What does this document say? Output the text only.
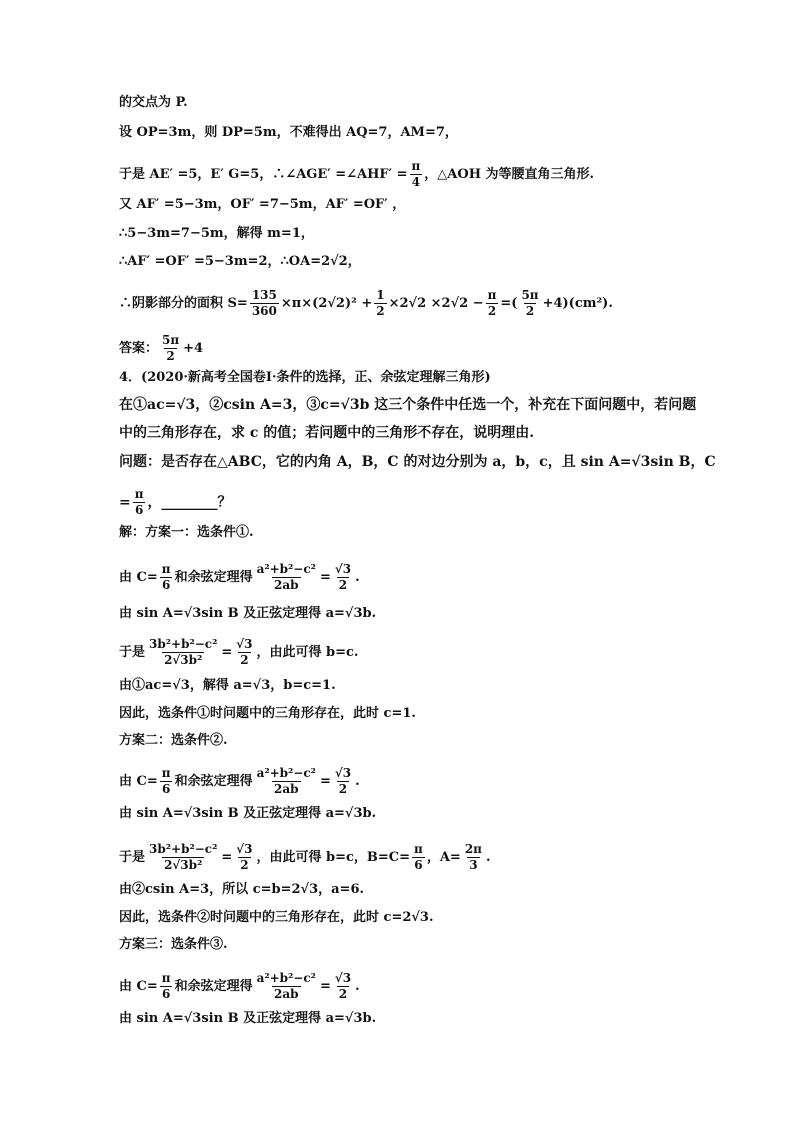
的交点为 P.
设 OP=3m，则 DP=5m，不难得出 AQ=7，AM=7，
于是 AE′ =5，E′ G=5，∴∠AGE′ =∠AHF′ = $\frac{\pi}{4}$ ，△AOH 为等腰直角三角形.
又 AF′ =5−3m，OF′ =7−5m，AF′ =OF′ ，
∴5−3m=7−5m，解得 m=1，
∴AF′ =OF′ =5−3m=2，∴OA=2√2，
∴阴影部分的面积 $S= \frac{135}{360} \times\pi\times(2√2)^2 + \frac{1}{2} \times 2√2 \times 2√2 - \frac{\pi}{2}$ =( $\frac{5\pi}{2} +4)(cm^2)$.
答案： $\frac{5\pi}{2} +4$
4．(2020·新高考全国卷Ⅰ·条件的选择，正、余弦定理解三角形)
在①ac=√3，②csin A=3，③c=√3b 这三个条件中任选一个，补充在下面问题中，若问题
中的三角形存在，求 c 的值；若问题中的三角形不存在，说明理由.
问题：是否存在△ABC，它的内角 A，B，C 的对边分别为 a，b，c，且 sin A=√3sin B，C
= $\frac{\pi}{6}$ ，________？
解：方案一：选条件①.
由 $C= \frac{\pi}{6}$ 和余弦定理得 $\frac{\text{a²+b²−c²}}{2ab} = \frac{√3}{2}$ .
由 sin A=√3sin B 及正弦定理得 a=√3b.
于是 $\frac{\text{3b²+b²−c²}}{\text{2√3b²}} = \frac{√3}{2}$ ，由此可得 b=c.
由①ac=√3，解得 a=√3，b=c=1.
因此，选条件①时问题中的三角形存在，此时 c=1.
方案二：选条件②.
由 $C= \frac{\pi}{6}$ 和余弦定理得 $\frac{\text{a²+b²−c²}}{2ab} = \frac{√3}{2}$ .
由 sin A=√3sin B 及正弦定理得 a=√3b.
于是 $\frac{\text{3b²+b²−c²}}{\text{2√3b²}} = \frac{√3}{2}$ ，由此可得 b=c，$B=C= \frac{\pi}{6}$ ，$A= \frac{2\pi}{3}$ .
由②csin A=3，所以 c=b=2√3，a=6.
因此，选条件②时问题中的三角形存在，此时 c=2√3.
方案三：选条件③.
由 $C= \frac{\pi}{6}$ 和余弦定理得 $\frac{\text{a²+b²−c²}}{2ab} = \frac{√3}{2}$ .
由 sin A=√3sin B 及正弦定理得 a=√3b.
